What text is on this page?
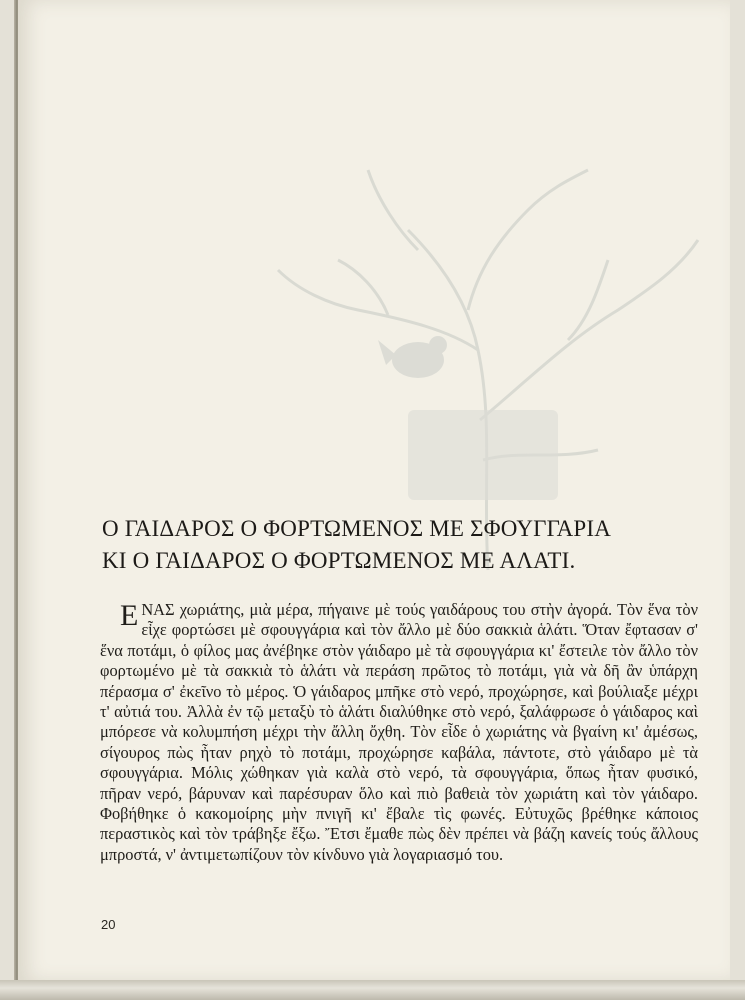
Ο ΓΑΙΔΑΡΟΣ Ο ΦΟΡΤΩΜΕΝΟΣ ΜΕ ΣΦΟΥΓΓΑΡΙΑ
ΚΙ Ο ΓΑΙΔΑΡΟΣ Ο ΦΟΡΤΩΜΕΝΟΣ ΜΕ ΑΛΑΤΙ.

ΕΝΑΣ χωριάτης, μιὰ μέρα, πήγαινε μὲ τούς γαιδάρους του στὴν ἀγορά. Τὸν ἕνα τὸν εἶχε φορτώσει μὲ σφουγγάρια καὶ τὸν ἄλλο μὲ δύο σακκιὰ ἁλάτι. Ὅταν ἔφτασαν σ' ἕνα ποτάμι, ὁ φίλος μας ἀνέβηκε στὸν γάιδαρο μὲ τὰ σφουγγάρια κι' ἔστειλε τὸν ἄλλο τὸν φορτωμένο μὲ τὰ σακκιὰ τὸ ἁλάτι νὰ περάση πρῶτος τὸ ποτάμι, γιὰ νὰ δῆ ἂν ὑπάρχη πέρασμα σ' ἐκεῖνο τὸ μέρος. Ὁ γάιδαρος μπῆκε στὸ νερό, προχώρησε, καὶ βούλιαξε μέχρι τ' αὐτιά του. Ἀλλὰ ἐν τῷ μεταξὺ τὸ ἁλάτι διαλύθηκε στὸ νερό, ξαλάφρωσε ὁ γάιδαρος καὶ μπόρεσε νὰ κολυμπήση μέχρι τὴν ἄλλη ὄχθη. Τὸν εἶδε ὁ χωριάτης νὰ βγαίνη κι' ἀμέσως, σίγουρος πὼς ἦταν ρηχὸ τὸ ποτάμι, προχώρησε καβάλα, πάντοτε, στὸ γάιδαρο μὲ τὰ σφουγγάρια. Μόλις χώθηκαν γιὰ καλὰ στὸ νερό, τὰ σφουγγάρια, ὅπως ἦταν φυσικό, πῆραν νερό, βάρυναν καὶ παρέσυραν ὅλο καὶ πιὸ βαθειὰ τὸν χωριάτη καὶ τὸν γάιδαρο. Φοβήθηκε ὁ κακομοίρης μὴν πνιγῆ κι' ἔβαλε τὶς φωνές. Εὐτυχῶς βρέθηκε κάποιος περαστικὸς καὶ τὸν τράβηξε ἔξω. Ἔτσι ἔμαθε πὼς δὲν πρέπει νὰ βάζη κανείς τούς ἄλλους μπροστά, ν' ἀντιμετωπίζουν τὸν κίνδυνο γιὰ λογαριασμό του.

20
